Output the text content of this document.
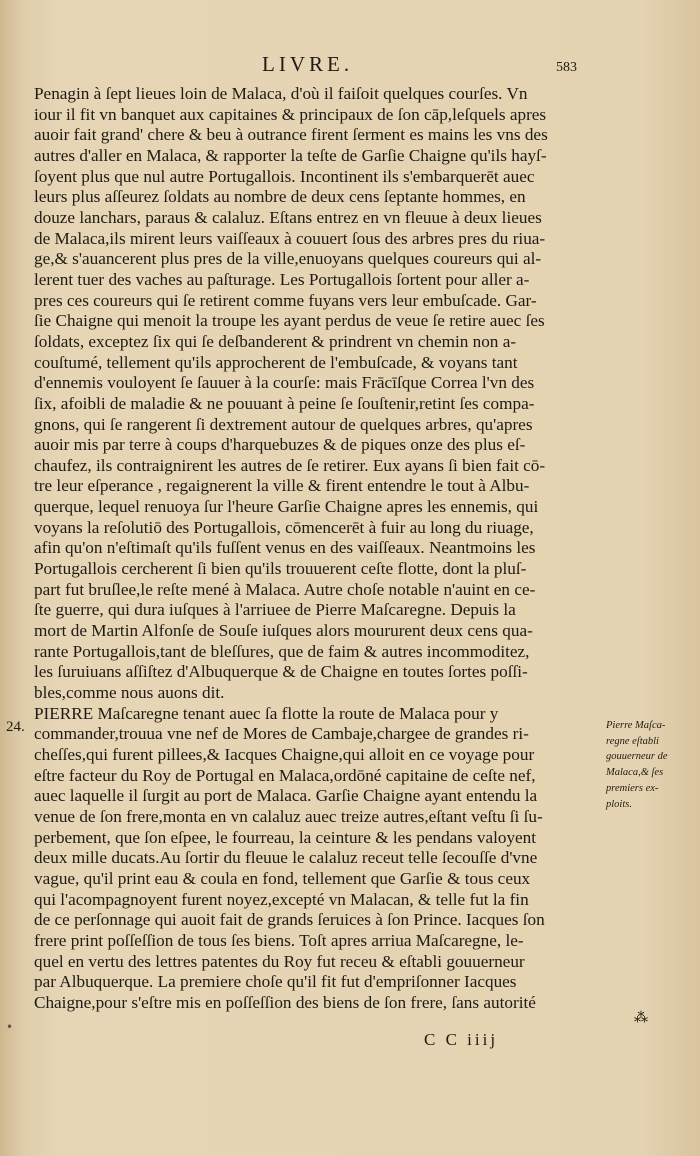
LIVRE.	583
Penagin à ſept lieues loin de Malaca, d'où il faiſoit quelques courſes. Vn
iour il fit vn banquet aux capitaines & principaux de ſon cāp,leſquels apres
auoir fait grand' chere & beu à outrance firent ſerment es mains les vns des
autres d'aller en Malaca, & rapporter la teſte de Garſie Chaigne qu'ils hayſ-
ſoyent plus que nul autre Portugallois. Incontinent ils s'embarquerēt auec
leurs plus aſſeurez ſoldats au nombre de deux cens ſeptante hommes, en
douze lanchars, paraus & calaluz. Eſtans entrez en vn fleuue à deux lieues
de Malaca,ils mirent leurs vaiſſeaux à couuert ſous des arbres pres du riua-
ge,& s'auancerent plus pres de la ville,enuoyans quelques coureurs qui al-
lerent tuer des vaches au paſturage. Les Portugallois ſortent pour aller a-
pres ces coureurs qui ſe retirent comme fuyans vers leur embuſcade. Gar-
ſie Chaigne qui menoit la troupe les ayant perdus de veue ſe retire auec ſes
ſoldats, exceptez ſix qui ſe deſbanderent & prindrent vn chemin non a-
couſtumé, tellement qu'ils approcherent de l'embuſcade, & voyans tant
d'ennemis vouloyent ſe ſauuer à la courſe: mais Frācīſque Correa l'vn des
ſix, afoibli de maladie & ne pouuant à peine ſe ſouſtenir,retint ſes compa-
gnons, qui ſe rangerent ſi dextrement autour de quelques arbres, qu'apres
auoir mis par terre à coups d'harquebuzes & de piques onze des plus eſ-
chaufez, ils contraignirent les autres de ſe retirer. Eux ayans ſi bien fait cō-
tre leur eſperance , regaignerent la ville & firent entendre le tout à Albu-
querque, lequel renuoya ſur l'heure Garſie Chaigne apres les ennemis, qui
voyans la reſolutiō des Portugallois, cōmencerēt à fuir au long du riuage,
afin qu'on n'eſtimaſt qu'ils fuſſent venus en des vaiſſeaux. Neantmoins les
Portugallois cercherent ſi bien qu'ils trouuerent ceſte flotte, dont la pluſ-
part fut bruſlee,le reſte mené à Malaca. Autre choſe notable n'auint en ce-
ſte guerre, qui dura iuſques à l'arriuee de Pierre Maſcaregne. Depuis la
mort de Martin Alfonſe de Souſe iuſques alors moururent deux cens qua-
rante Portugallois,tant de bleſſures, que de faim & autres incommoditez,
les ſuruiuans aſſiſtez d'Albuquerque & de Chaigne en toutes ſortes poſſi-
bles,comme nous auons dit.
PIERRE Maſcaregne tenant auec ſa flotte la route de Malaca pour y
commander,trouua vne nef de Mores de Cambaje,chargee de grandes ri-
cheſſes,qui furent pillees,& Iacques Chaigne,qui alloit en ce voyage pour
eſtre facteur du Roy de Portugal en Malaca,ordōné capitaine de ceſte nef,
auec laquelle il ſurgit au port de Malaca. Garſie Chaigne ayant entendu la
venue de ſon frere,monta en vn calaluz auec treize autres,eſtant veſtu ſi ſu-
perbement, que ſon eſpee, le fourreau, la ceinture & les pendans valoyent
deux mille ducats.Au ſortir du fleuue le calaluz receut telle ſecouſſe d'vne
vague, qu'il print eau & coula en fond, tellement que Garſie & tous ceux
qui l'acompagnoyent furent noyez,excepté vn Malacan, & telle fut la fin
de ce perſonnage qui auoit fait de grands ſeruices à ſon Prince. Iacques ſon
frere print poſſeſſion de tous ſes biens. Toſt apres arriua Maſcaregne, le-
quel en vertu des lettres patentes du Roy fut receu & eſtabli gouuerneur
par Albuquerque. La premiere choſe qu'il fit fut d'empriſonner Iacques
Chaigne,pour s'eſtre mis en poſſeſſion des biens de ſon frere, ſans autorité
24.	Pierre Maſca-
regne eſtabli
gouuerneur de
Malaca,& ſes
premiers ex-
ploits.
⁂
•
C C iiij
